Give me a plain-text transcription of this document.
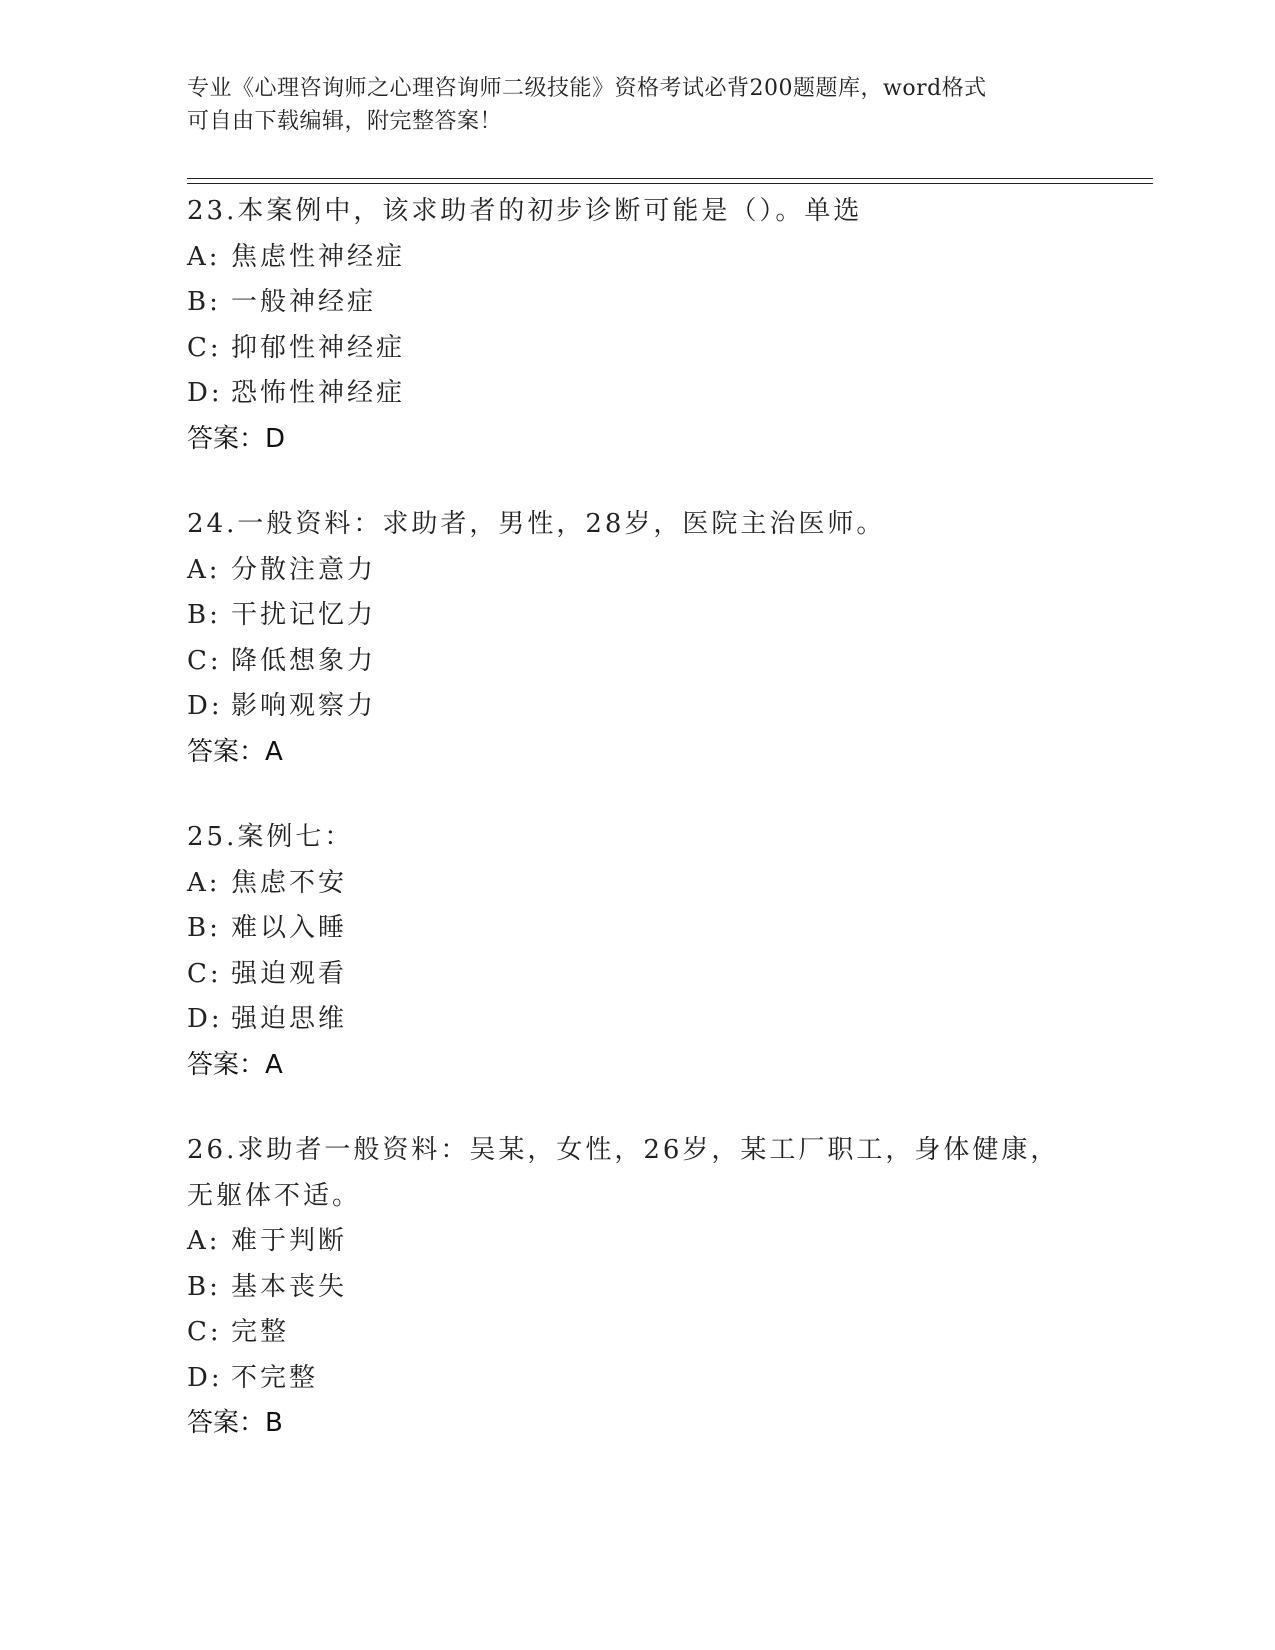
专业《心理咨询师之心理咨询师二级技能》资格考试必背200题题库，word格式
可自由下载编辑，附完整答案！
23.本案例中，该求助者的初步诊断可能是（）。单选
A: 焦虑性神经症
B: 一般神经症
C: 抑郁性神经症
D: 恐怖性神经症
答案：D
24.一般资料：求助者，男性，28岁，医院主治医师。
A: 分散注意力
B: 干扰记忆力
C: 降低想象力
D: 影响观察力
答案：A
25.案例七：
A: 焦虑不安
B: 难以入睡
C: 强迫观看
D: 强迫思维
答案：A
26.求助者一般资料：吴某，女性，26岁，某工厂职工，身体健康，无躯体不适。
A: 难于判断
B: 基本丧失
C: 完整
D: 不完整
答案：B
